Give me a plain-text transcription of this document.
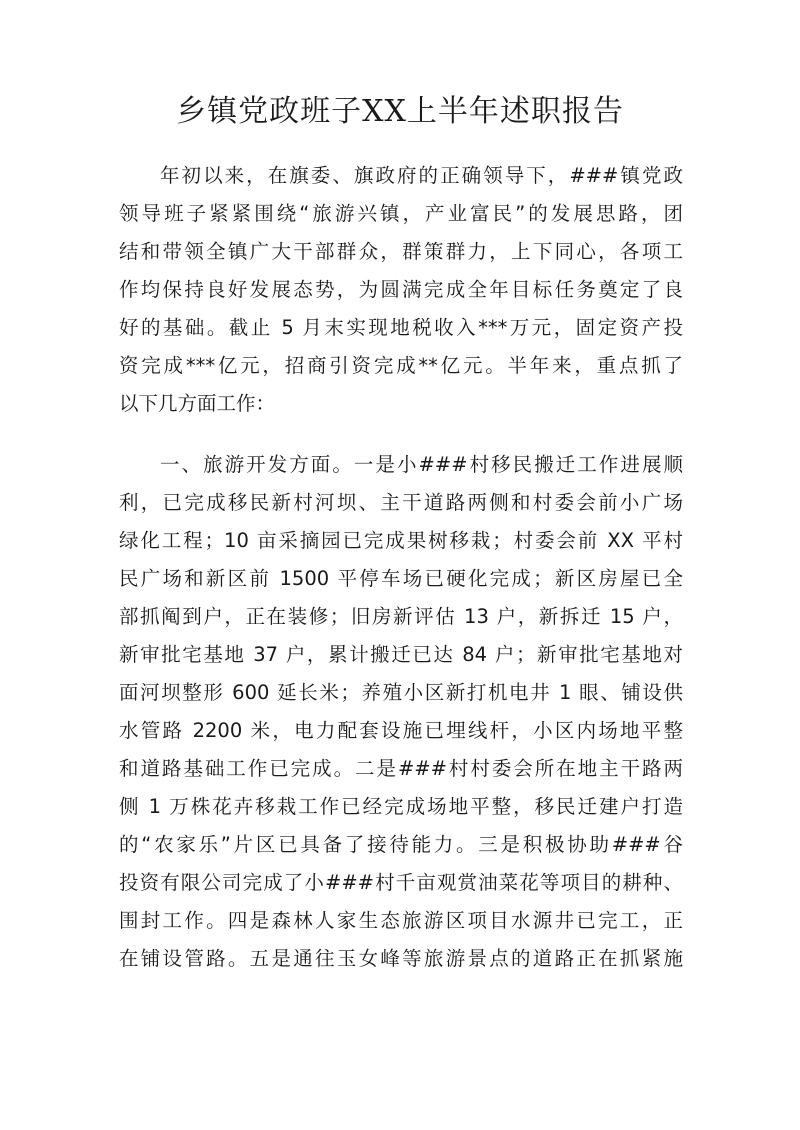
乡镇党政班子XX上半年述职报告
年初以来，在旗委、旗政府的正确领导下，###镇党政
领导班子紧紧围绕“旅游兴镇，产业富民”的发展思路，团
结和带领全镇广大干部群众，群策群力，上下同心，各项工
作均保持良好发展态势，为圆满完成全年目标任务奠定了良
好的基础。截止 5 月末实现地税收入***万元，固定资产投
资完成***亿元，招商引资完成**亿元。半年来，重点抓了
以下几方面工作：
一、旅游开发方面。一是小###村移民搬迁工作进展顺
利，已完成移民新村河坝、主干道路两侧和村委会前小广场
绿化工程；10 亩采摘园已完成果树移栽；村委会前 XX 平村
民广场和新区前 1500 平停车场已硬化完成；新区房屋已全
部抓阄到户，正在装修；旧房新评估 13 户，新拆迁 15 户，
新审批宅基地 37 户，累计搬迁已达 84 户；新审批宅基地对
面河坝整形 600 延长米；养殖小区新打机电井 1 眼、铺设供
水管路 2200 米，电力配套设施已埋线杆，小区内场地平整
和道路基础工作已完成。二是###村村委会所在地主干路两
侧 1 万株花卉移栽工作已经完成场地平整，移民迁建户打造
的“农家乐”片区已具备了接待能力。三是积极协助###谷
投资有限公司完成了小###村千亩观赏油菜花等项目的耕种、
围封工作。四是森林人家生态旅游区项目水源井已完工，正
在铺设管路。五是通往玉女峰等旅游景点的道路正在抓紧施
